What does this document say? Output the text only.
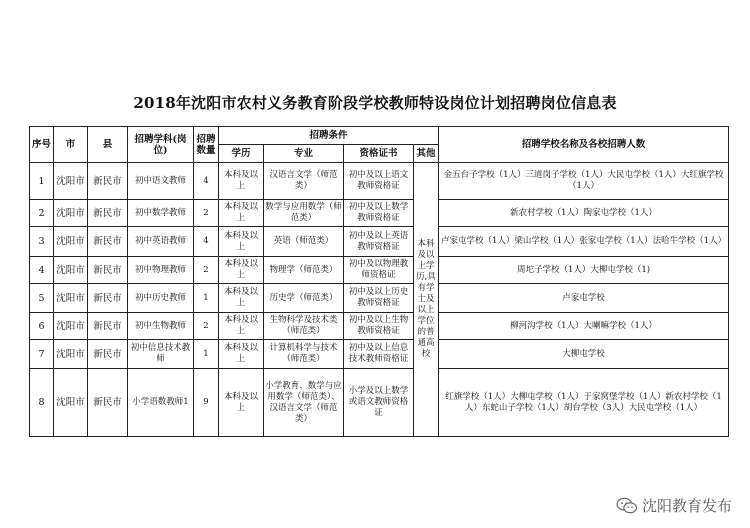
2018年沈阳市农村义务教育阶段学校教师特设岗位计划招聘岗位信息表
序号	市	县	招聘学科(岗位)	招聘数量	招聘条件				招聘学校名称及各校招聘人数
					学历	专业	资格证书	其他	
1	沈阳市	新民市	初中语文教师	4	本科及以上	汉语言文学（师范类）	初中及以上语文教师资格证	本科及以上学历,具有学士及以上学位的普通高校	金五台子学校（1人）三道岗子学校（1人）大民屯学校（1人）大红旗学校（1人）
2	沈阳市	新民市	初中数学教师	2	本科及以上	数学与应用数学（师范类）	初中及以上数学教师资格证		新农村学校（1人）陶家屯学校（1人）
3	沈阳市	新民市	初中英语教师	4	本科及以上	英语（师范类）	初中及以上英语教师资格证		卢家屯学校（1人）梁山学校（1人）张家屯学校（1人）法哈牛学校（1人）
4	沈阳市	新民市	初中物理教师	2	本科及以上	物理学（师范类）	初中及以物理教师资格证		周坨子学校（1人）大柳屯学校（1)
5	沈阳市	新民市	初中历史教师	1	本科及以上	历史学（师范类）	初中及以上历史教师资格证		卢家屯学校
6	沈阳市	新民市	初中生物教师	2	本科及以上	生物科学及技术类（师范类）	初中及以上生物教师资格证		柳河沟学校（1人）大喇嘛学校（1人）
7	沈阳市	新民市	初中信息技术教师	1	本科及以上	计算机科学与技术（师范类）	初中及以上信息技术教师资格证		大柳屯学校
8	沈阳市	新民市	小学语数教师1	9	本科及以上	小学教育、数学与应用数学（师范类）、汉语言文学（师范类）	小学及以上数学或语文教师资格证		红旗学校（1人）大柳屯学校（1人）于家窝堡学校（1人）新农村学校（1人）东蛇山子学校（1人）胡台学校（3人）大民屯学校（1人）
沈阳教育发布
